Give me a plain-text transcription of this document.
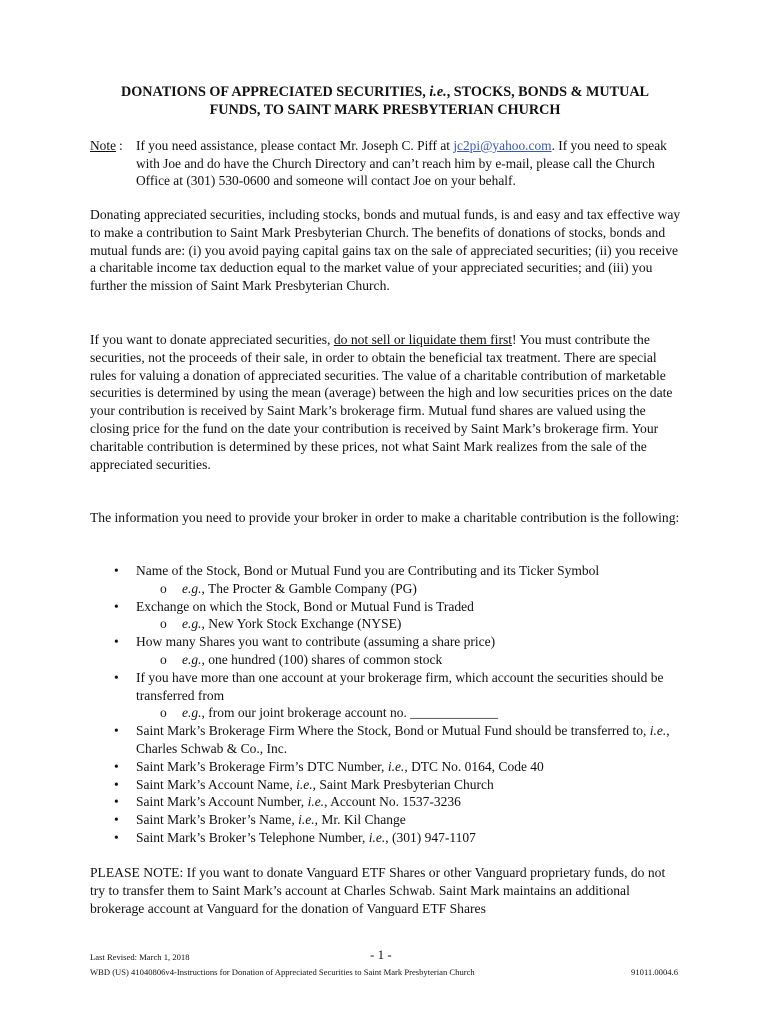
DONATIONS OF APPRECIATED SECURITIES, i.e., STOCKS, BONDS & MUTUAL
FUNDS, TO SAINT MARK PRESBYTERIAN CHURCH
Note : If you need assistance, please contact Mr. Joseph C. Piff at jc2pi@yahoo.com. If you need to speak with Joe and do have the Church Directory and can’t reach him by e-mail, please call the Church Office at (301) 530-0600 and someone will contact Joe on your behalf.
Donating appreciated securities, including stocks, bonds and mutual funds, is and easy and tax effective way to make a contribution to Saint Mark Presbyterian Church. The benefits of donations of stocks, bonds and mutual funds are: (i) you avoid paying capital gains tax on the sale of appreciated securities; (ii) you receive a charitable income tax deduction equal to the market value of your appreciated securities; and (iii) you further the mission of Saint Mark Presbyterian Church.
If you want to donate appreciated securities, do not sell or liquidate them first! You must contribute the securities, not the proceeds of their sale, in order to obtain the beneficial tax treatment. There are special rules for valuing a donation of appreciated securities. The value of a charitable contribution of marketable securities is determined by using the mean (average) between the high and low securities prices on the date your contribution is received by Saint Mark’s brokerage firm. Mutual fund shares are valued using the closing price for the fund on the date your contribution is received by Saint Mark’s brokerage firm. Your charitable contribution is determined by these prices, not what Saint Mark realizes from the sale of the appreciated securities.
The information you need to provide your broker in order to make a charitable contribution is the following:
• Name of the Stock, Bond or Mutual Fund you are Contributing and its Ticker Symbol
o e.g., The Procter & Gamble Company (PG)
• Exchange on which the Stock, Bond or Mutual Fund is Traded
o e.g., New York Stock Exchange (NYSE)
• How many Shares you want to contribute (assuming a share price)
o e.g., one hundred (100) shares of common stock
• If you have more than one account at your brokerage firm, which account the securities should be transferred from
o e.g., from our joint brokerage account no. _____________
• Saint Mark’s Brokerage Firm Where the Stock, Bond or Mutual Fund should be transferred to, i.e., Charles Schwab & Co., Inc.
• Saint Mark’s Brokerage Firm’s DTC Number, i.e., DTC No. 0164, Code 40
• Saint Mark’s Account Name, i.e., Saint Mark Presbyterian Church
• Saint Mark’s Account Number, i.e., Account No. 1537-3236
• Saint Mark’s Broker’s Name, i.e., Mr. Kil Change
• Saint Mark’s Broker’s Telephone Number, i.e., (301) 947-1107
PLEASE NOTE: If you want to donate Vanguard ETF Shares or other Vanguard proprietary funds, do not try to transfer them to Saint Mark’s account at Charles Schwab. Saint Mark maintains an additional brokerage account at Vanguard for the donation of Vanguard ETF Shares
Last Revised: March 1, 2018	- 1 -
WBD (US) 41040806v4-Instructions for Donation of Appreciated Securities to Saint Mark Presbyterian Church	91011.0004.6
